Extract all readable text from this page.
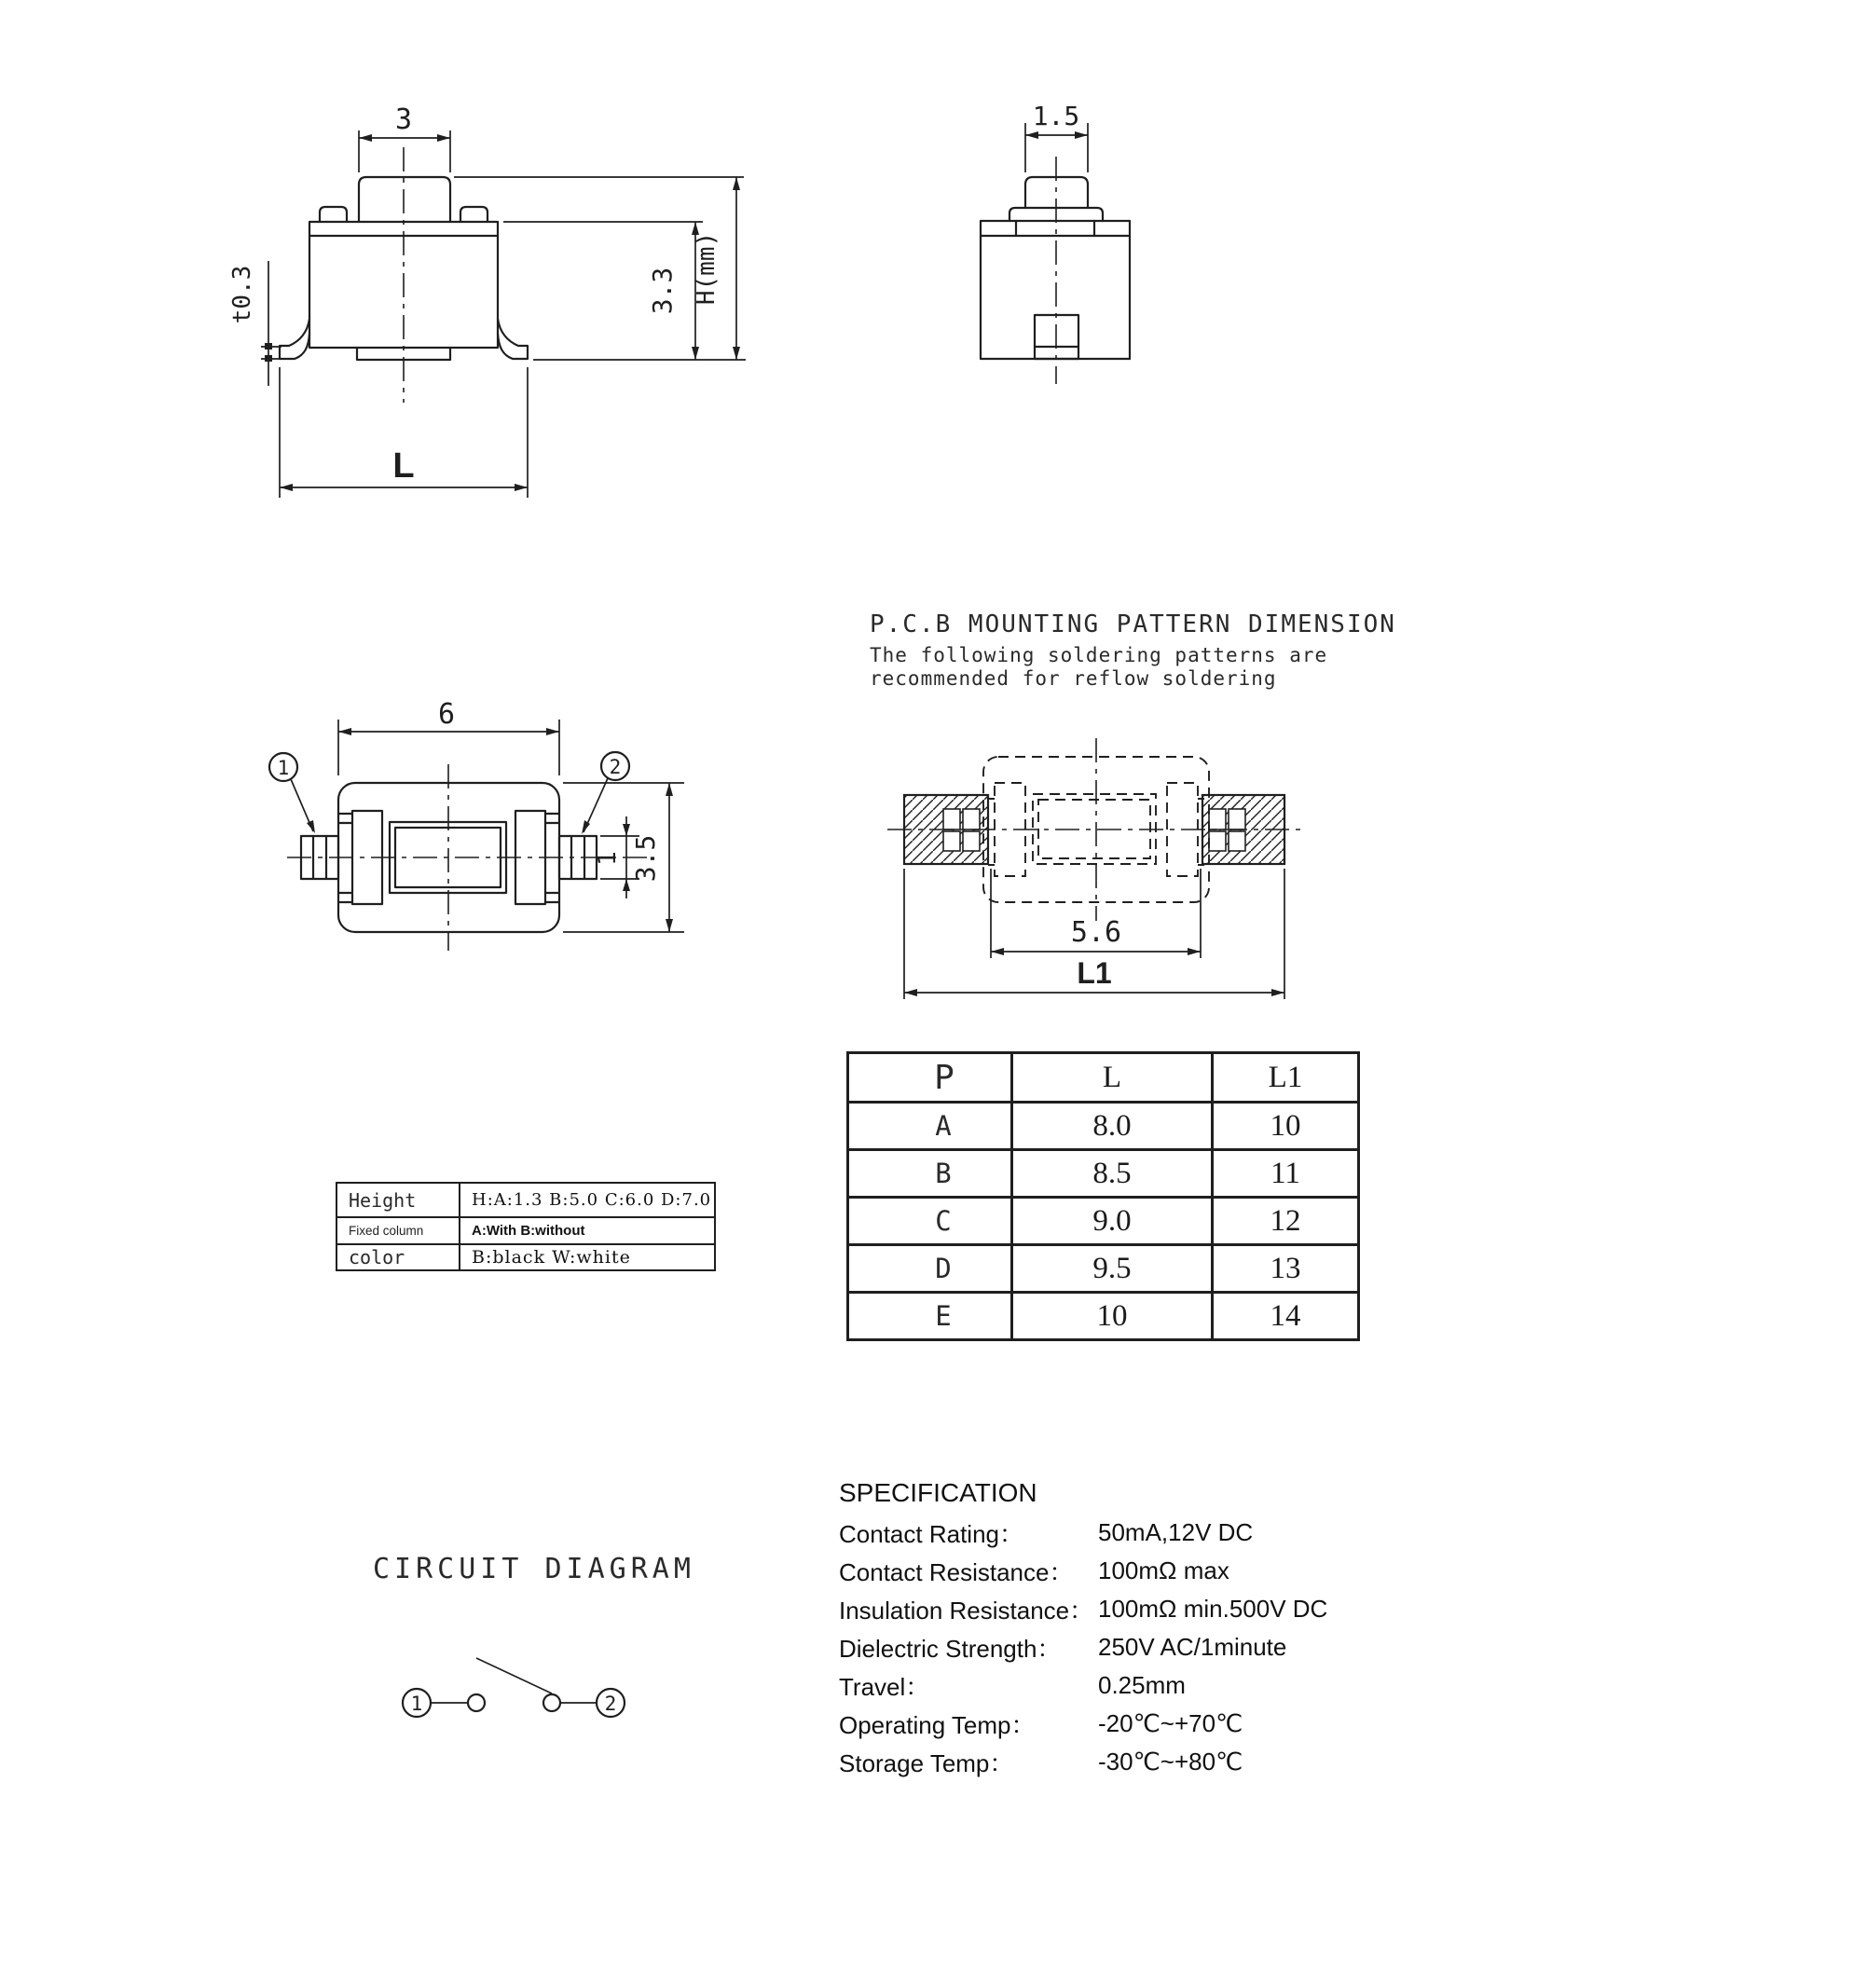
3
t0.3	3.3 H(mm)
L
1.5
6
1	2
1 3.5
5.6
L1
1	2
P.C.B MOUNTING PATTERN DIMENSION
The following soldering patterns are
recommended for reflow soldering
Height	H:A:1.3 B:5.0 C:6.0 D:7.0
Fixed column	A:With B:without
color	B:black W:white
P	L	L1
A	8.0	10
B	8.5	11
C	9.0	12
D	9.5	13
E	10	14
CIRCUIT DIAGRAM
SPECIFICATION
Contact Rating：	50mA,12V DC
Contact Resistance：	100mΩ max
Insulation Resistance： 100mΩ min.500V DC
Dielectric Strength：	250V AC/1minute
Travel：	0.25mm
Operating Temp：	-20℃~+70℃
Storage Temp：	-30℃~+80℃
